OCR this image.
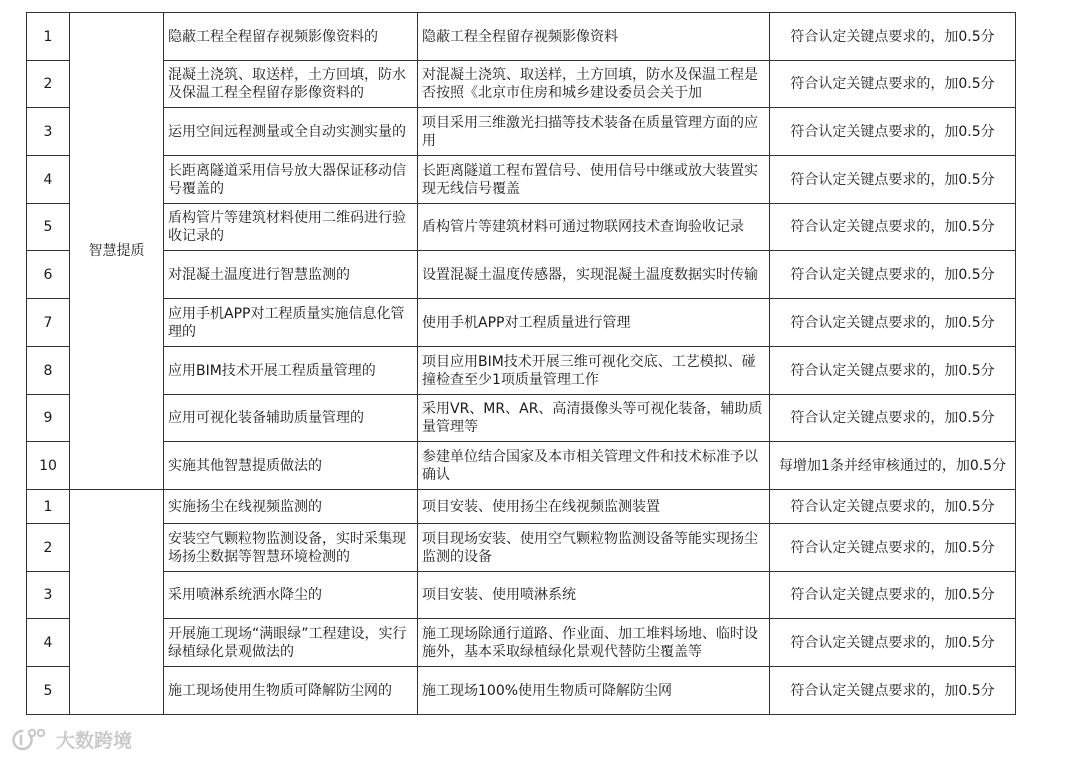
1	智慧提质	隐蔽工程全程留存视频影像资料的	隐蔽工程全程留存视频影像资料	符合认定关键点要求的，加0.5分
2		混凝土浇筑、取送样，土方回填，防水及保温工程全程留存影像资料的	对混凝土浇筑、取送样，土方回填，防水及保温工程是否按照《北京市住房和城乡建设委员会关于加	符合认定关键点要求的，加0.5分
3		运用空间远程测量或全自动实测实量的	项目采用三维激光扫描等技术装备在质量管理方面的应用	符合认定关键点要求的，加0.5分
4		长距离隧道采用信号放大器保证移动信号覆盖的	长距离隧道工程布置信号、使用信号中继或放大装置实现无线信号覆盖	符合认定关键点要求的，加0.5分
5		盾构管片等建筑材料使用二维码进行验收记录的	盾构管片等建筑材料可通过物联网技术查询验收记录	符合认定关键点要求的，加0.5分
6		对混凝土温度进行智慧监测的	设置混凝土温度传感器，实现混凝土温度数据实时传输	符合认定关键点要求的，加0.5分
7		应用手机APP对工程质量实施信息化管理的	使用手机APP对工程质量进行管理	符合认定关键点要求的，加0.5分
8		应用BIM技术开展工程质量管理的	项目应用BIM技术开展三维可视化交底、工艺模拟、碰撞检查至少1项质量管理工作	符合认定关键点要求的，加0.5分
9		应用可视化装备辅助质量管理的	采用VR、MR、AR、高清摄像头等可视化装备，辅助质量管理等	符合认定关键点要求的，加0.5分
10		实施其他智慧提质做法的	参建单位结合国家及本市相关管理文件和技术标准予以确认	每增加1条并经审核通过的，加0.5分
1		实施扬尘在线视频监测的	项目安装、使用扬尘在线视频监测装置	符合认定关键点要求的，加0.5分
2		安装空气颗粒物监测设备，实时采集现场扬尘数据等智慧环境检测的	项目现场安装、使用空气颗粒物监测设备等能实现扬尘监测的设备	符合认定关键点要求的，加0.5分
3		采用喷淋系统洒水降尘的	项目安装、使用喷淋系统	符合认定关键点要求的，加0.5分
4		开展施工现场“满眼绿”工程建设，实行绿植绿化景观做法的	施工现场除通行道路、作业面、加工堆料场地、临时设施外，基本采取绿植绿化景观代替防尘覆盖等	符合认定关键点要求的，加0.5分
5		施工现场使用生物质可降解防尘网的	施工现场100%使用生物质可降解防尘网	符合认定关键点要求的，加0.5分
大数跨境
